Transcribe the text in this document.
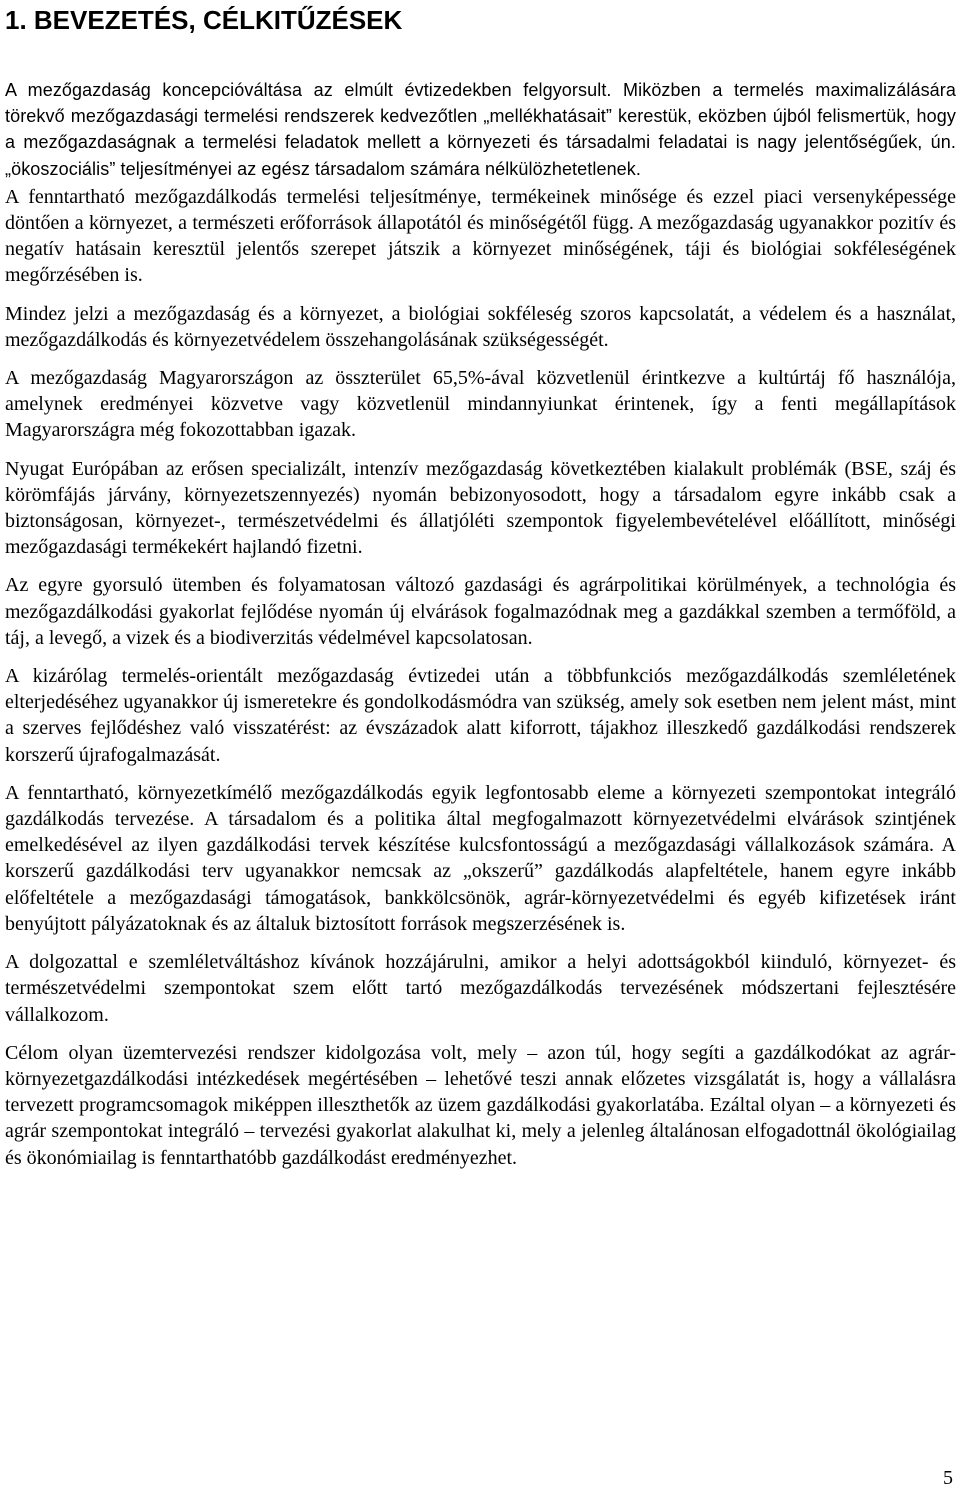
1. BEVEZETÉS, CÉLKITŰZÉSEK

A mezőgazdaság koncepcióváltása az elmúlt évtizedekben felgyorsult. Miközben a termelés maximalizálására törekvő mezőgazdasági termelési rendszerek kedvezőtlen „mellékhatásait” kerestük, eközben újból felismertük, hogy a mezőgazdaságnak a termelési feladatok mellett a környezeti és társadalmi feladatai is nagy jelentőségűek, ún. „ökoszociális” teljesítményei az egész társadalom számára nélkülözhetetlenek.

A fenntartható mezőgazdálkodás termelési teljesítménye, termékeinek minősége és ezzel piaci versenyképessége döntően a környezet, a természeti erőforrások állapotától és minőségétől függ. A mezőgazdaság ugyanakkor pozitív és negatív hatásain keresztül jelentős szerepet játszik a környezet minőségének, táji és biológiai sokféleségének megőrzésében is.

Mindez jelzi a mezőgazdaság és a környezet, a biológiai sokféleség szoros kapcsolatát, a védelem és a használat, mezőgazdálkodás és környezetvédelem összehangolásának szükségességét.

A mezőgazdaság Magyarországon az összterület 65,5%-ával közvetlenül érintkezve a kultúrtáj fő használója, amelynek eredményei közvetve vagy közvetlenül mindannyiunkat érintenek, így a fenti megállapítások Magyarországra még fokozottabban igazak.

Nyugat Európában az erősen specializált, intenzív mezőgazdaság következtében kialakult problémák (BSE, száj és körömfájás járvány, környezetszennyezés) nyomán bebizonyosodott, hogy a társadalom egyre inkább csak a biztonságosan, környezet-, természetvédelmi és állatjóléti szempontok figyelembevételével előállított, minőségi mezőgazdasági termékekért hajlandó fizetni.

Az egyre gyorsuló ütemben és folyamatosan változó gazdasági és agrárpolitikai körülmények, a technológia és mezőgazdálkodási gyakorlat fejlődése nyomán új elvárások fogalmazódnak meg a gazdákkal szemben a termőföld, a táj, a levegő, a vizek és a biodiverzitás védelmével kapcsolatosan.

A kizárólag termelés-orientált mezőgazdaság évtizedei után a többfunkciós mezőgazdálkodás szemléletének elterjedéséhez ugyanakkor új ismeretekre és gondolkodásmódra van szükség, amely sok esetben nem jelent mást, mint a szerves fejlődéshez való visszatérést: az évszázadok alatt kiforrott, tájakhoz illeszkedő gazdálkodási rendszerek korszerű újrafogalmazását.

A fenntartható, környezetkímélő mezőgazdálkodás egyik legfontosabb eleme a környezeti szempontokat integráló gazdálkodás tervezése. A társadalom és a politika által megfogalmazott környezetvédelmi elvárások szintjének emelkedésével az ilyen gazdálkodási tervek készítése kulcsfontosságú a mezőgazdasági vállalkozások számára. A korszerű gazdálkodási terv ugyanakkor nemcsak az „okszerű” gazdálkodás alapfeltétele, hanem egyre inkább előfeltétele a mezőgazdasági támogatások, bankkölcsönök, agrár-környezetvédelmi és egyéb kifizetések iránt benyújtott pályázatoknak és az általuk biztosított források megszerzésének is.

A dolgozattal e szemléletváltáshoz kívánok hozzájárulni, amikor a helyi adottságokból kiinduló, környezet- és természetvédelmi szempontokat szem előtt tartó mezőgazdálkodás tervezésének módszertani fejlesztésére vállalkozom.

Célom olyan üzemtervezési rendszer kidolgozása volt, mely – azon túl, hogy segíti a gazdálkodókat az agrár-környezetgazdálkodási intézkedések megértésében – lehetővé teszi annak előzetes vizsgálatát is, hogy a vállalásra tervezett programcsomagok miképpen illeszthetők az üzem gazdálkodási gyakorlatába. Ezáltal olyan – a környezeti és agrár szempontokat integráló – tervezési gyakorlat alakulhat ki, mely a jelenleg általánosan elfogadottnál ökológiailag és ökonómiailag is fenntarthatóbb gazdálkodást eredményezhet.

5
